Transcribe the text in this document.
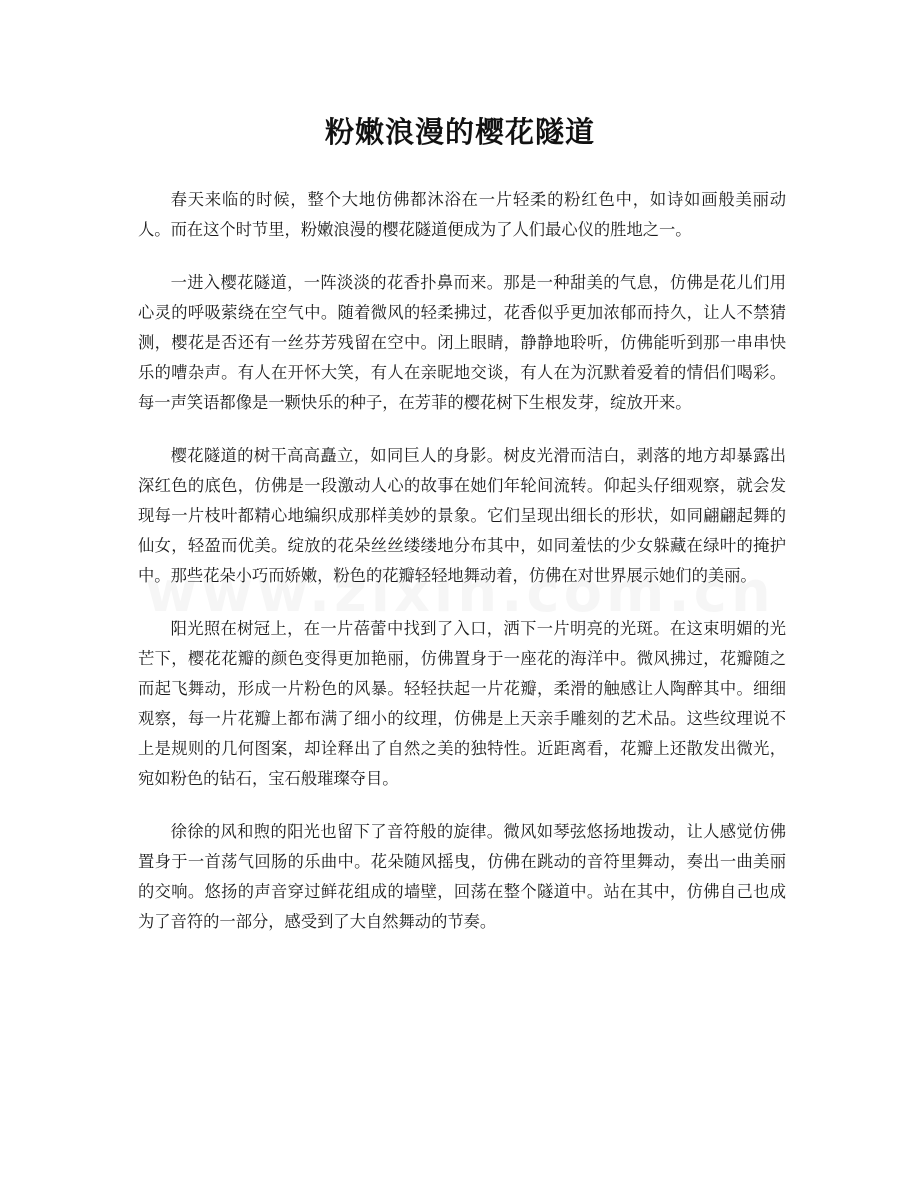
粉嫩浪漫的樱花隧道

春天来临的时候，整个大地仿佛都沐浴在一片轻柔的粉红色中，如诗如画般美丽动人。而在这个时节里，粉嫩浪漫的樱花隧道便成为了人们最心仪的胜地之一。

一进入樱花隧道，一阵淡淡的花香扑鼻而来。那是一种甜美的气息，仿佛是花儿们用心灵的呼吸萦绕在空气中。随着微风的轻柔拂过，花香似乎更加浓郁而持久，让人不禁猜测，樱花是否还有一丝芬芳残留在空中。闭上眼睛，静静地聆听，仿佛能听到那一串串快乐的嘈杂声。有人在开怀大笑，有人在亲昵地交谈，有人在为沉默着爱着的情侣们喝彩。每一声笑语都像是一颗快乐的种子，在芳菲的樱花树下生根发芽，绽放开来。

樱花隧道的树干高高矗立，如同巨人的身影。树皮光滑而洁白，剥落的地方却暴露出深红色的底色，仿佛是一段激动人心的故事在她们年轮间流转。仰起头仔细观察，就会发现每一片枝叶都精心地编织成那样美妙的景象。它们呈现出细长的形状，如同翩翩起舞的仙女，轻盈而优美。绽放的花朵丝丝缕缕地分布其中，如同羞怯的少女躲藏在绿叶的掩护中。那些花朵小巧而娇嫩，粉色的花瓣轻轻地舞动着，仿佛在对世界展示她们的美丽。

阳光照在树冠上，在一片蓓蕾中找到了入口，洒下一片明亮的光斑。在这束明媚的光芒下，樱花花瓣的颜色变得更加艳丽，仿佛置身于一座花的海洋中。微风拂过，花瓣随之而起飞舞动，形成一片粉色的风暴。轻轻扶起一片花瓣，柔滑的触感让人陶醉其中。细细观察，每一片花瓣上都布满了细小的纹理，仿佛是上天亲手雕刻的艺术品。这些纹理说不上是规则的几何图案，却诠释出了自然之美的独特性。近距离看，花瓣上还散发出微光，宛如粉色的钻石，宝石般璀璨夺目。

徐徐的风和煦的阳光也留下了音符般的旋律。微风如琴弦悠扬地拨动，让人感觉仿佛置身于一首荡气回肠的乐曲中。花朵随风摇曳，仿佛在跳动的音符里舞动，奏出一曲美丽的交响。悠扬的声音穿过鲜花组成的墙壁，回荡在整个隧道中。站在其中，仿佛自己也成为了音符的一部分，感受到了大自然舞动的节奏。
